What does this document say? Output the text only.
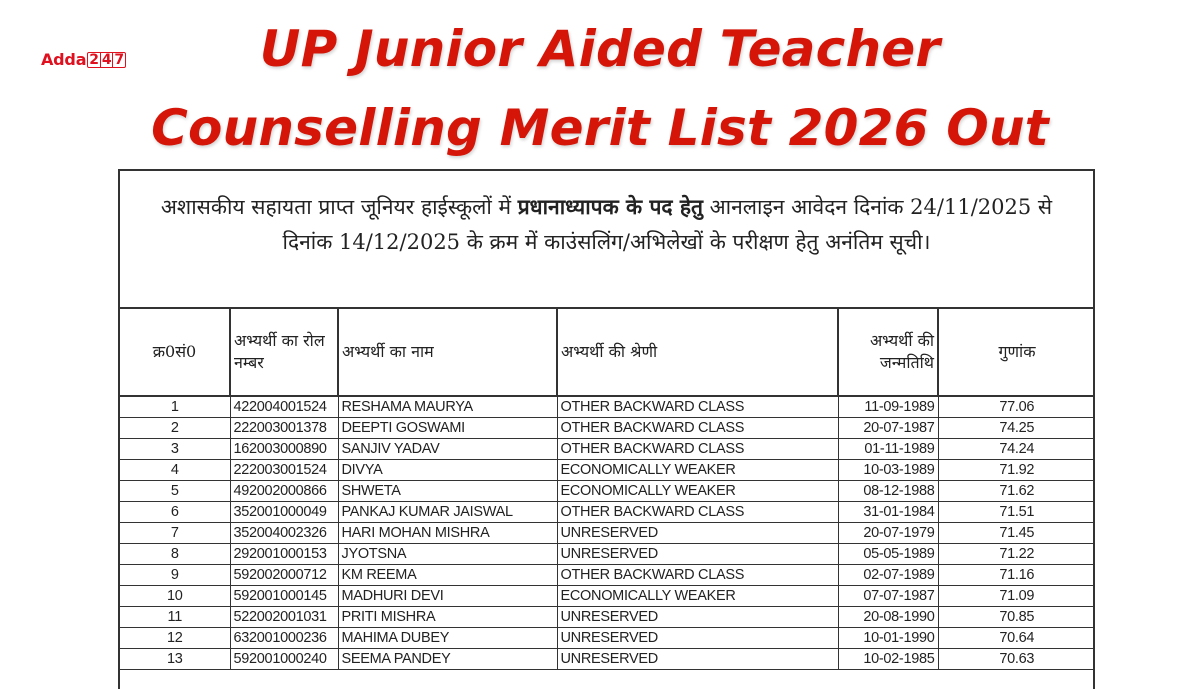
Adda 2 4 7	UP Junior Aided Teacher
Counselling Merit List 2026 Out
अशासकीय सहायता प्राप्त जूनियर हाईस्कूलों में प्रधानाध्यापक के पद हेतु आनलाइन आवेदन दिनांक 24/11/2025 से दिनांक 14/12/2025 के क्रम में काउंसलिंग/अभिलेखों के परीक्षण हेतु अनंतिम सूची।
क्र0सं0	अभ्यर्थी का रोल नम्बर	अभ्यर्थी का नाम	अभ्यर्थी की श्रेणी	अभ्यर्थी की जन्मतिथि	गुणांक
1	422004001524	RESHAMA MAURYA	OTHER BACKWARD CLASS	11-09-1989	77.06
2	222003001378	DEEPTI GOSWAMI	OTHER BACKWARD CLASS	20-07-1987	74.25
3	162003000890	SANJIV YADAV	OTHER BACKWARD CLASS	01-11-1989	74.24
4	222003001524	DIVYA	ECONOMICALLY WEAKER	10-03-1989	71.92
5	492002000866	SHWETA	ECONOMICALLY WEAKER	08-12-1988	71.62
6	352001000049	PANKAJ KUMAR JAISWAL	OTHER BACKWARD CLASS	31-01-1984	71.51
7	352004002326	HARI MOHAN MISHRA	UNRESERVED	20-07-1979	71.45
8	292001000153	JYOTSNA	UNRESERVED	05-05-1989	71.22
9	592002000712	KM REEMA	OTHER BACKWARD CLASS	02-07-1989	71.16
10	592001000145	MADHURI DEVI	ECONOMICALLY WEAKER	07-07-1987	71.09
11	522002001031	PRITI MISHRA	UNRESERVED	20-08-1990	70.85
12	632001000236	MAHIMA DUBEY	UNRESERVED	10-01-1990	70.64
13	592001000240	SEEMA PANDEY	UNRESERVED	10-02-1985	70.63
